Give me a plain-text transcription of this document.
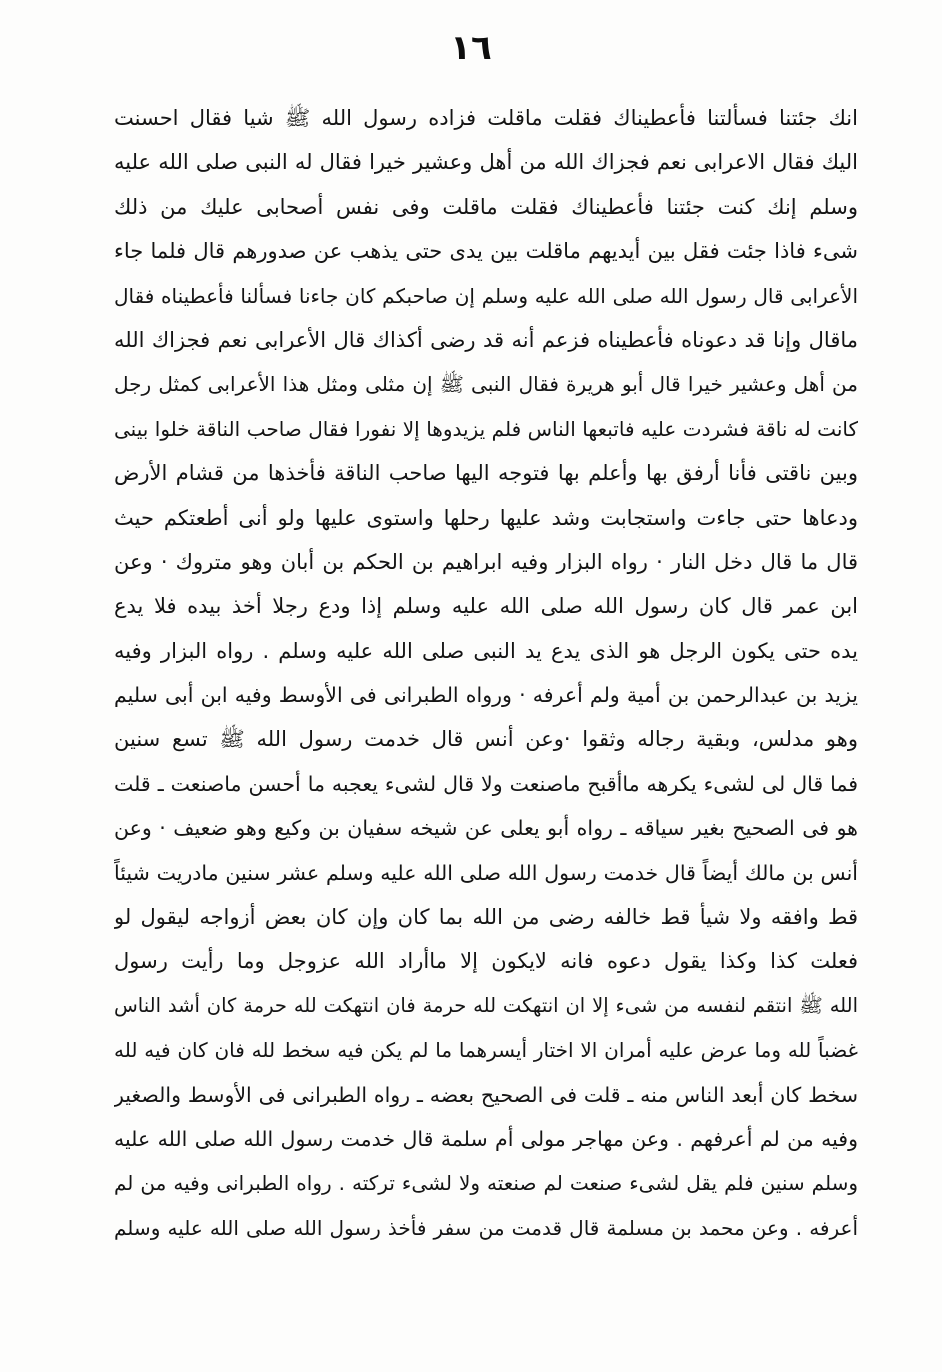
١٦
انك جئتنا فسألتنا فأعطيناك فقلت ماقلت فزاده رسول الله ﷺ شيا فقال احسنت
اليك فقال الاعرابى نعم فجزاك الله من أهل وعشير خيرا فقال له النبى صلى الله عليه
وسلم إنك كنت جئتنا فأعطيناك فقلت ماقلت وفى نفس أصحابى عليك من ذلك
شىء فاذا جئت فقل بين أيديهم ماقلت بين يدى حتى يذهب عن صدورهم قال فلما جاء
الأعرابى قال رسول الله صلى الله عليه وسلم إن صاحبكم كان جاءنا فسألنا فأعطيناه فقال
ماقال وإنا قد دعوناه فأعطيناه فزعم أنه قد رضى أكذاك قال الأعرابى نعم فجزاك الله
من أهل وعشير خيرا قال أبو هريرة فقال النبى ﷺ إن مثلى ومثل هذا الأعرابى كمثل رجل
كانت له ناقة فشردت عليه فاتبعها الناس فلم يزيدوها إلا نفورا فقال صاحب الناقة خلوا بينى
وبين ناقتى فأنا أرفق بها وأعلم بها فتوجه اليها صاحب الناقة فأخذها من قشام الأرض
ودعاها حتى جاءت واستجابت وشد عليها رحلها واستوى عليها ولو أنى أطعتكم حيث
قال ما قال دخل النار · رواه البزار وفيه ابراهيم بن الحكم بن أبان وهو متروك · وعن
ابن عمر قال كان رسول الله صلى الله عليه وسلم إذا ودع رجلا أخذ بيده فلا يدع
يده حتى يكون الرجل هو الذى يدع يد النبى صلى الله عليه وسلم . رواه البزار وفيه
يزيد بن عبدالرحمن بن أمية ولم أعرفه · ورواه الطبرانى فى الأوسط وفيه ابن أبى سليم
وهو مدلس، وبقية رجاله وثقوا ·وعن أنس قال خدمت رسول الله ﷺ تسع سنين
فما قال لى لشىء يكرهه ماأقبح ماصنعت ولا قال لشىء يعجبه ما أحسن ماصنعت ـ قلت
هو فى الصحيح بغير سياقه ـ رواه أبو يعلى عن شيخه سفيان بن وكيع وهو ضعيف · وعن
أنس بن مالك أيضاً قال خدمت رسول الله صلى الله عليه وسلم عشر سنين مادريت شيئاً
قط وافقه ولا شيأ قط خالفه رضى من الله بما كان وإن كان بعض أزواجه ليقول لو
فعلت كذا وكذا يقول دعوه فانه لايكون إلا ماأراد الله عزوجل وما رأيت رسول
الله ﷺ انتقم لنفسه من شىء إلا ان انتهكت لله حرمة فان انتهكت لله حرمة كان أشد الناس
غضباً لله وما عرض عليه أمران الا اختار أيسرهما ما لم يكن فيه سخط لله فان كان فيه لله
سخط كان أبعد الناس منه ـ قلت فى الصحيح بعضه ـ رواه الطبرانى فى الأوسط والصغير
وفيه من لم أعرفهم . وعن مهاجر مولى أم سلمة قال خدمت رسول الله صلى الله عليه
وسلم سنين فلم يقل لشىء صنعت لم صنعته ولا لشىء تركته . رواه الطبرانى وفيه من لم
أعرفه . وعن محمد بن مسلمة قال قدمت من سفر فأخذ رسول الله صلى الله عليه وسلم
